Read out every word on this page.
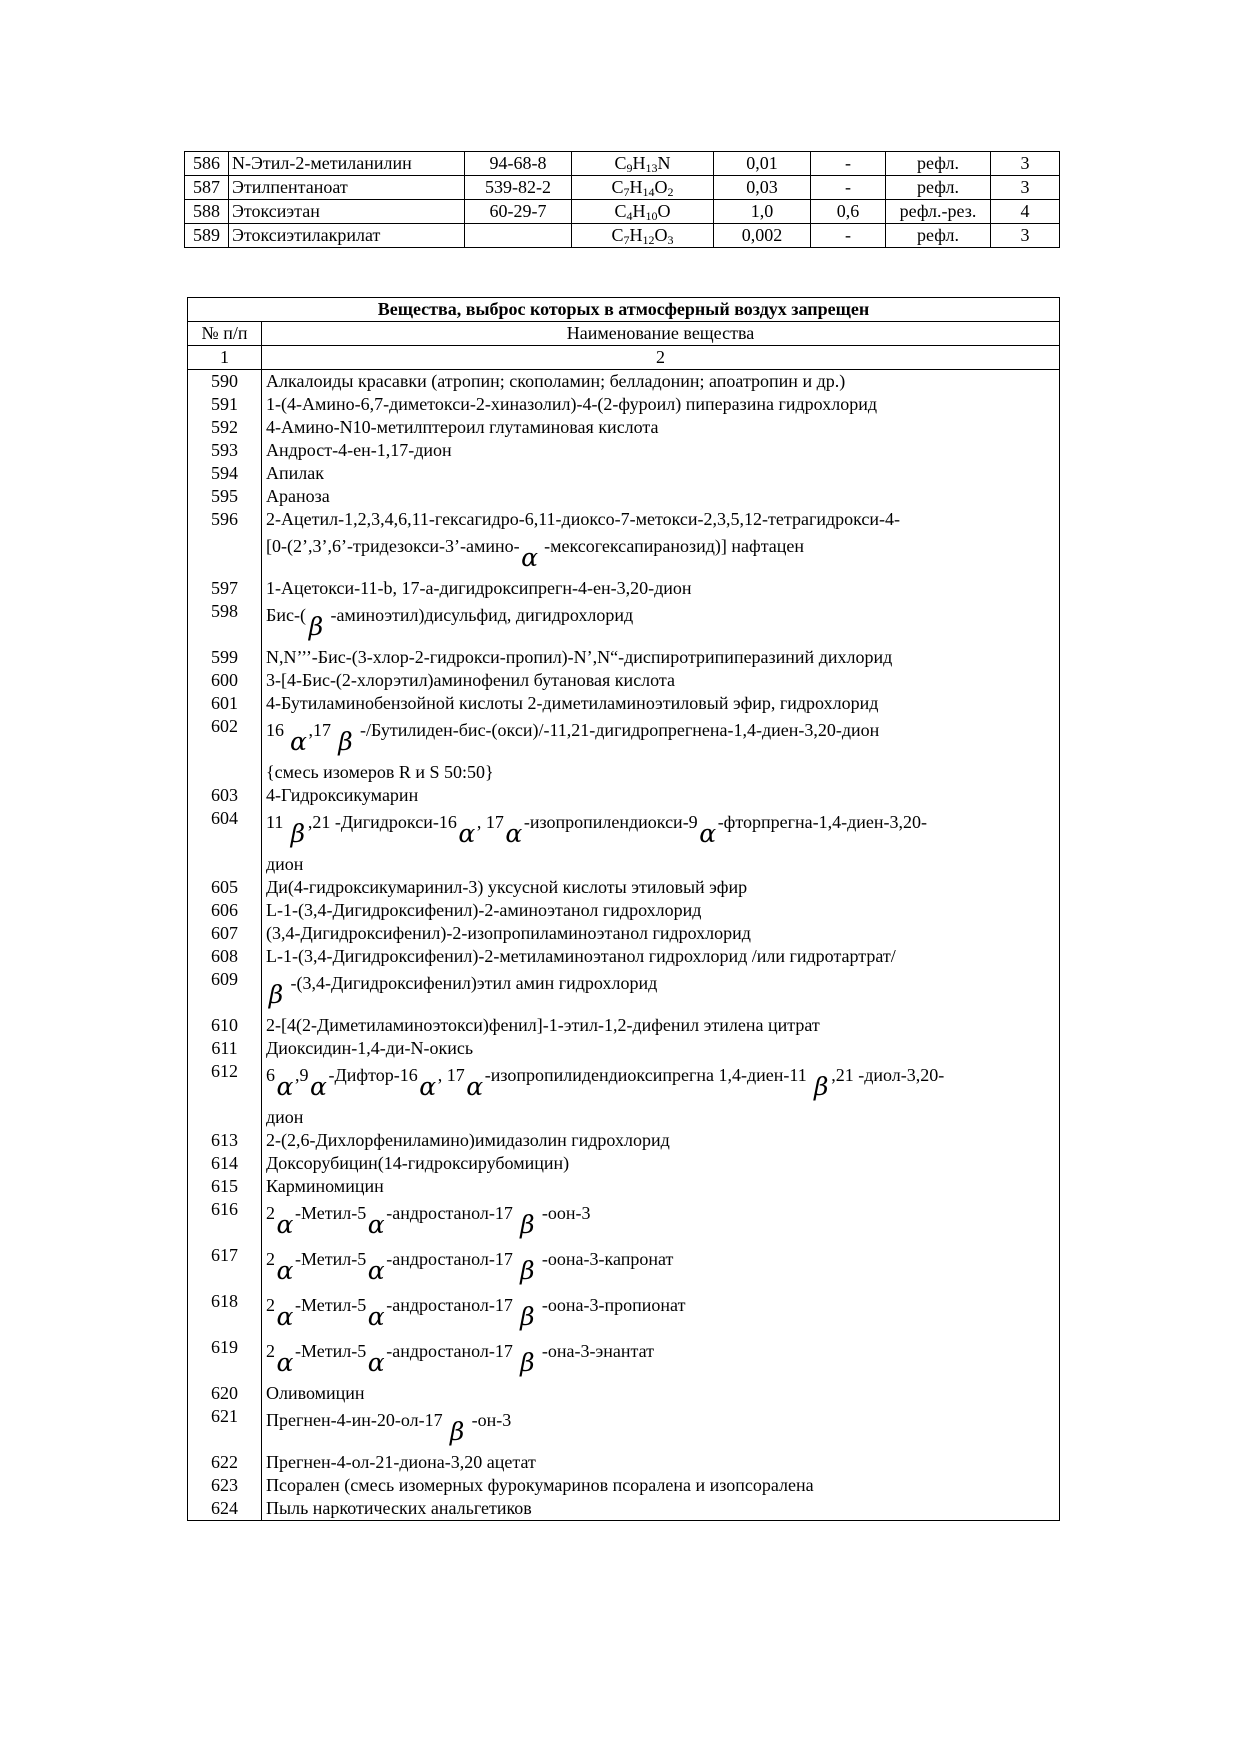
586	N-Этил-2-метиланилин	94-68-8	$C_9H_{13}N$	0,01	-	рефл.	3
587	Этилпентаноат	539-82-2	$C_7H_{14}O_2$	0,03	-	рефл.	3
588	Этоксиэтан	60-29-7	$C_4H_{10}O$	1,0	0,6	рефл.-рез.	4
589	Этоксиэтилакрилат		$C_7H_{12}O_3$	0,002	-	рефл.	3
Вещества, выброс которых в атмосферный воздух запрещен	
№ п/п	Наименование вещества
1	2
590	Алкалоиды красавки (атропин; скополамин; белладонин; апоатропин и др.)

591	1-(4-Амино-6,7-диметокси-2-хиназолил)-4-(2-фуроил) пиперазина гидрохлорид

592	4-Амино-N10-метилптероил глутаминовая кислота

593	Андрост-4-ен-1,17-дион

594	Апилак

595	Араноза

596	2-Ацетил-1,2,3,4,6,11-гексагидро-6,11-диоксо-7-метокси-2,3,5,12-тетрагидрокси-4-
[0-(2’,3’,6’-тридезокси-3’-амино-α -мексогексапиранозид)] нафтацен

597	1-Ацетокси-11-b, 17-а-дигидроксипрегн-4-ен-3,20-дион

598	Бис-( β -аминоэтил)дисульфид, дигидрохлорид

599	N,N’’’-Бис-(3-хлор-2-гидрокси-пропил)-N’,N“-диспиротрипиперазиний дихлорид

600	3-[4-Бис-(2-хлорэтил)аминофенил бутановая кислота

601	4-Бутиламинобензойной кислоты 2-диметиламиноэтиловый эфир, гидрохлорид

602	16 α,17 β -/Бутилиден-бис-(окси)/-11,21-дигидропрегнена-1,4-диен-3,20-дион
{смесь изомеров R и S 50:50}

603	4-Гидроксикумарин

604	11 β ,21 -Дигидрокси-16α, 17α-изопропилендиокси-9α-фторпрегна-1,4-диен-3,20-
дион

605	Ди(4-гидроксикумаринил-3) уксусной кислоты этиловый эфир

606	L-1-(3,4-Дигидроксифенил)-2-аминоэтанол гидрохлорид

607	(3,4-Дигидроксифенил)-2-изопропиламиноэтанол гидрохлорид

608	L-1-(3,4-Дигидроксифенил)-2-метиламиноэтанол гидрохлорид /или гидротартрат/

609	β -(3,4-Дигидроксифенил)этил амин гидрохлорид

610	2-[4(2-Диметиламиноэтокси)фенил]-1-этил-1,2-дифенил этилена цитрат

611	Диоксидин-1,4-ди-N-окись

612	6α,9α-Дифтор-16α, 17α-изопропилидендиоксипрегна 1,4-диен-11 β ,21 -диол-3,20-
дион

613	2-(2,6-Дихлорфениламино)имидазолин гидрохлорид

614	Доксорубицин(14-гидроксирубомицин)

615	Карминомицин

616	2α-Метил-5α-андростанол-17 β -оон-3

617	2α-Метил-5α-андростанол-17 β -оона-3-капронат

618	2α-Метил-5α-андростанол-17 β -оона-3-пропионат

619	2α-Метил-5α-андростанол-17 β -она-3-энантат

620	Оливомицин

621	Прегнен-4-ин-20-ол-17 β -он-3

622	Прегнен-4-ол-21-диона-3,20 ацетат

623	Псорален (смесь изомерных фурокумаринов псоралена и изопсоралена

624	Пыль наркотических анальгетиков
